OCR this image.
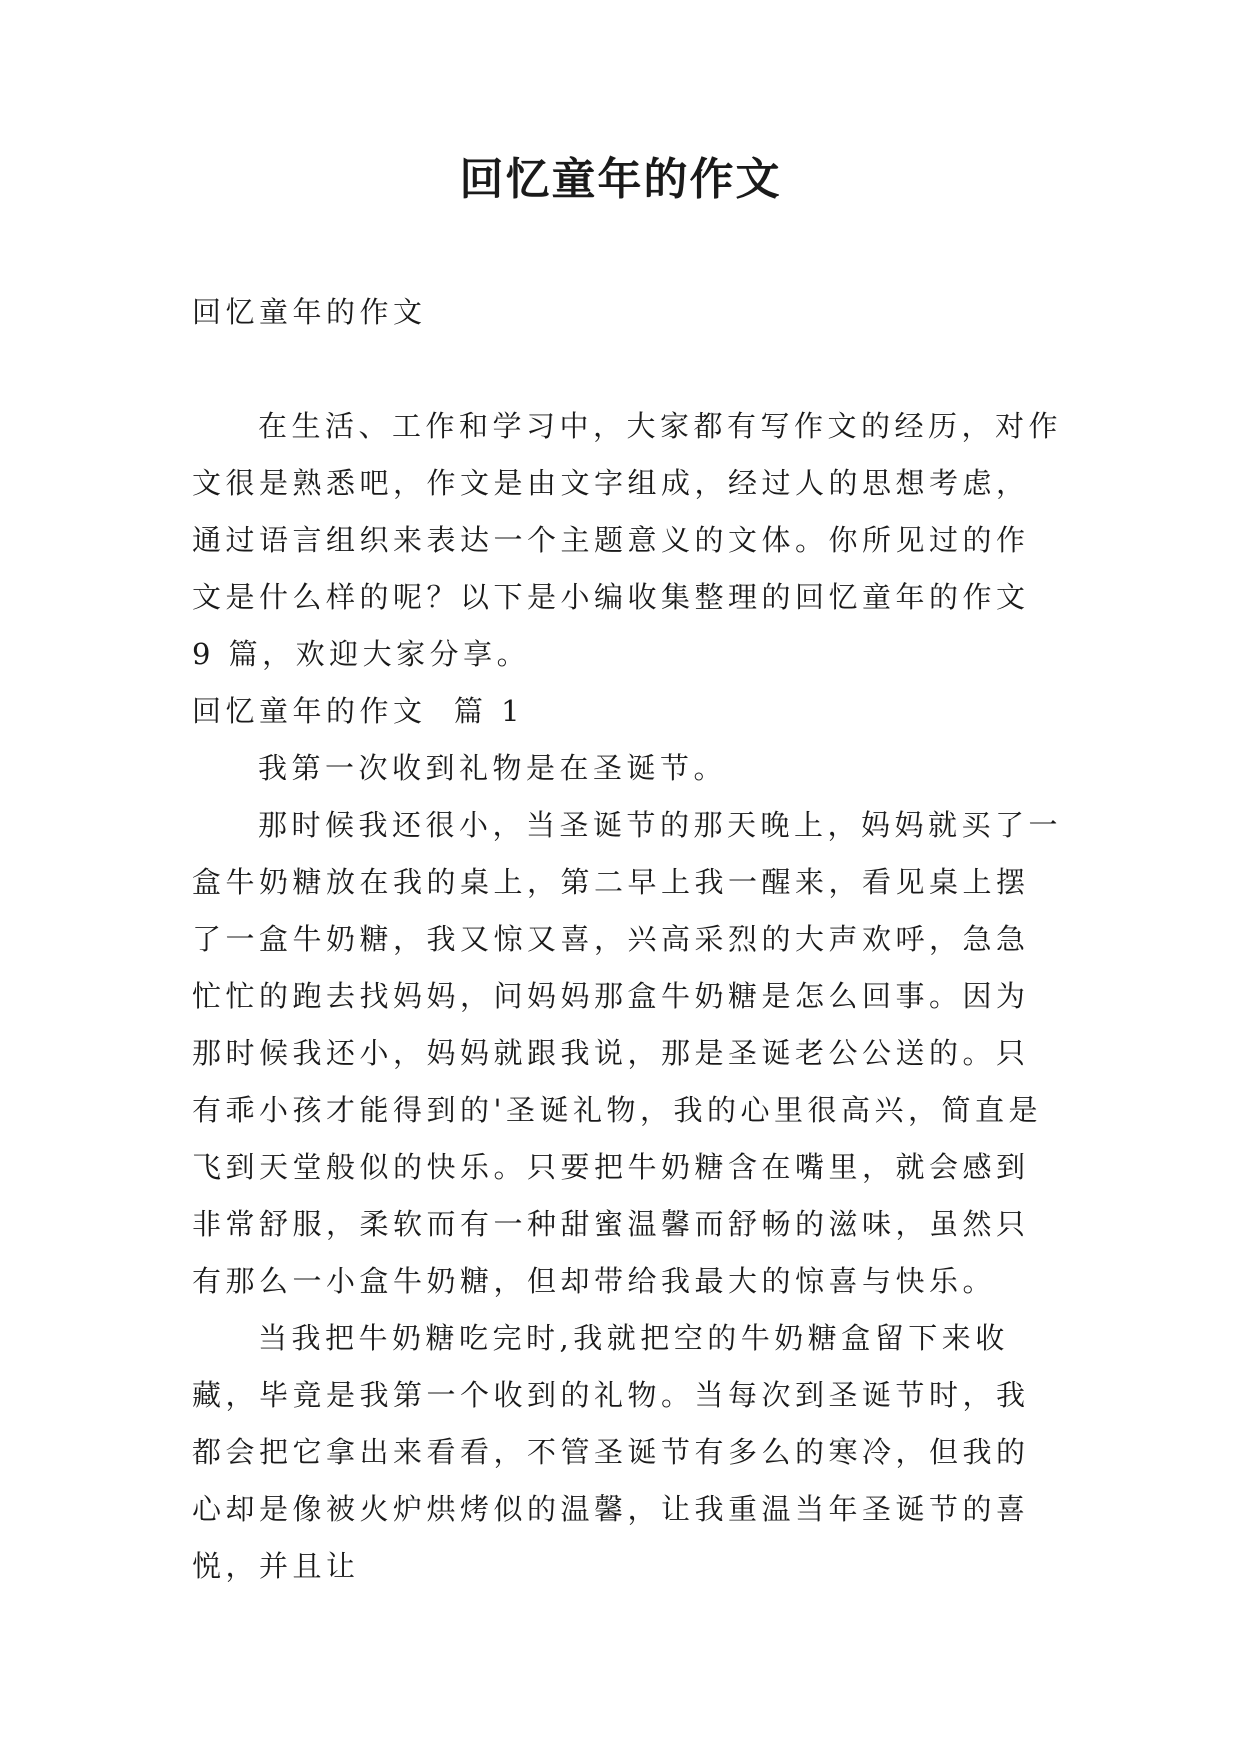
回忆童年的作文

回忆童年的作文

在生活、工作和学习中，大家都有写作文的经历，对作文很是熟悉吧，作文是由文字组成，经过人的思想考虑，通过语言组织来表达一个主题意义的文体。你所见过的作文是什么样的呢？以下是小编收集整理的回忆童年的作文 9 篇，欢迎大家分享。

回忆童年的作文  篇 1

我第一次收到礼物是在圣诞节。

那时候我还很小，当圣诞节的那天晚上，妈妈就买了一盒牛奶糖放在我的桌上，第二早上我一醒来，看见桌上摆了一盒牛奶糖，我又惊又喜，兴高采烈的大声欢呼，急急忙忙的跑去找妈妈，问妈妈那盒牛奶糖是怎么回事。因为那时候我还小，妈妈就跟我说，那是圣诞老公公送的。只有乖小孩才能得到的'圣诞礼物，我的心里很高兴，简直是飞到天堂般似的快乐。只要把牛奶糖含在嘴里，就会感到非常舒服，柔软而有一种甜蜜温馨而舒畅的滋味，虽然只有那么一小盒牛奶糖，但却带给我最大的惊喜与快乐。

当我把牛奶糖吃完时,我就把空的牛奶糖盒留下来收藏，毕竟是我第一个收到的礼物。当每次到圣诞节时，我都会把它拿出来看看，不管圣诞节有多么的寒冷，但我的心却是像被火炉烘烤似的温馨，让我重温当年圣诞节的喜悦，并且让
